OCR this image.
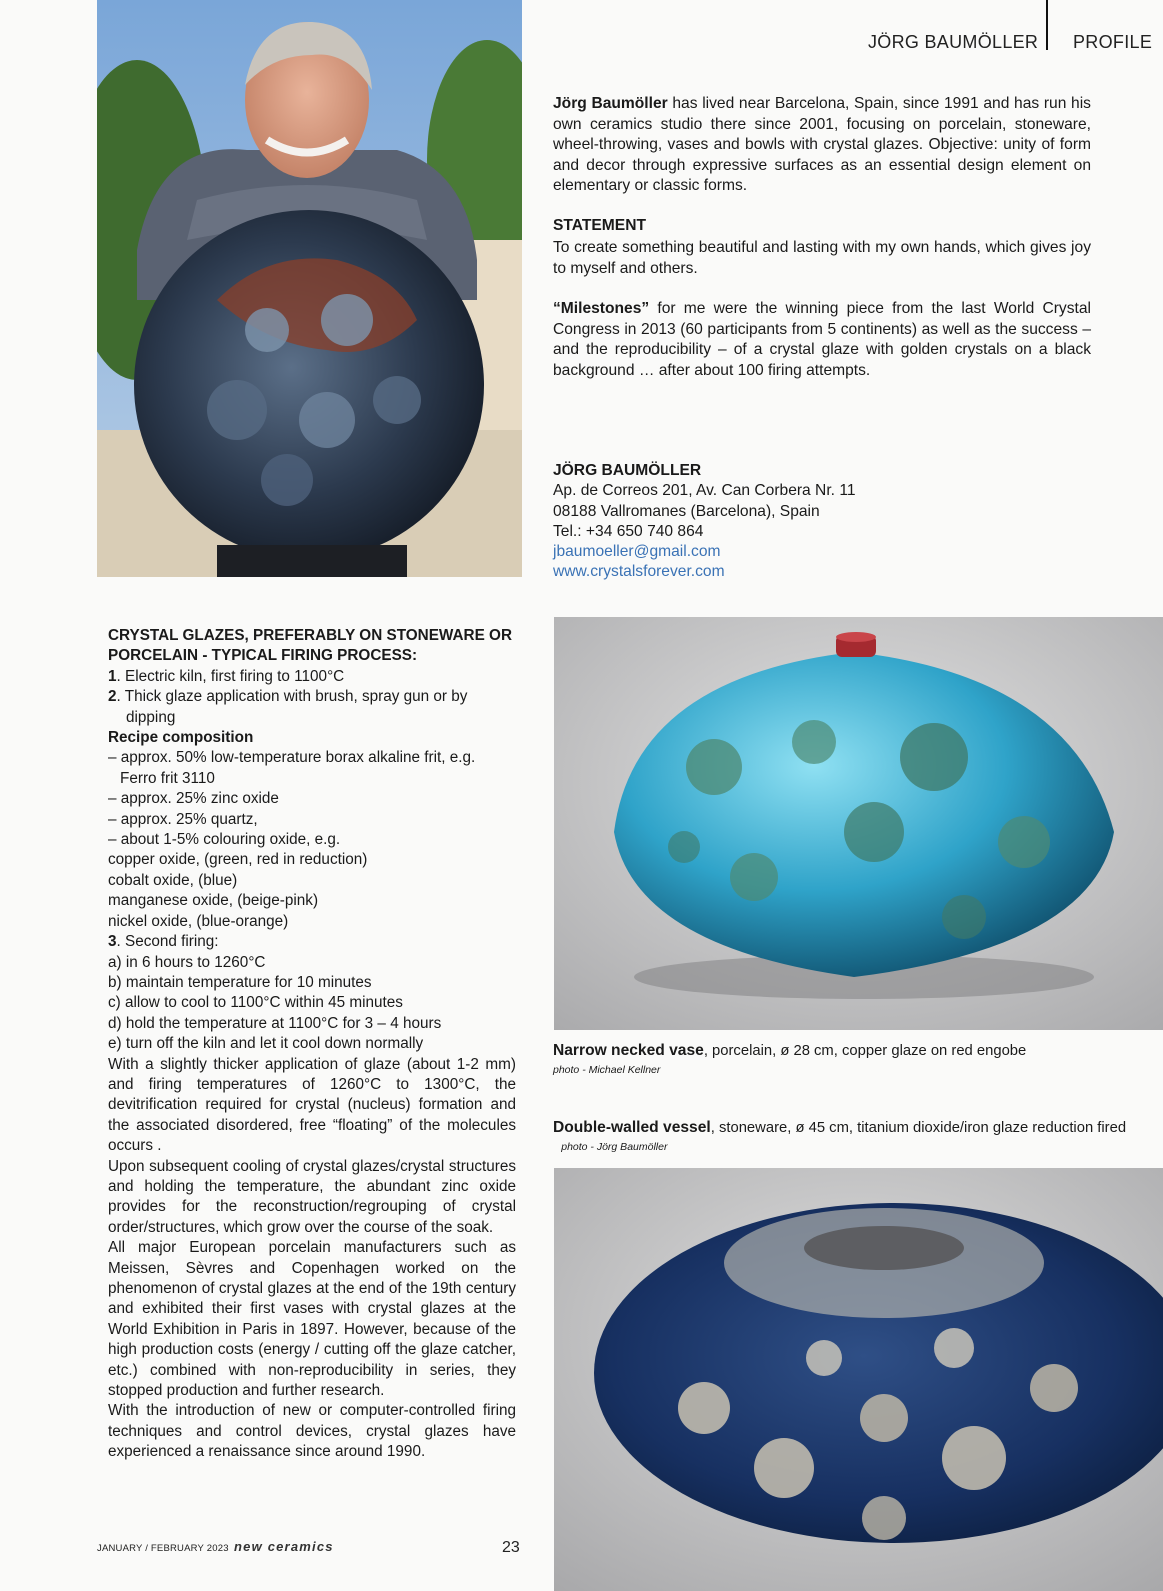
JÖRG BAUMÖLLER PROFILE
Jörg Baumöller has lived near Barcelona, Spain, since 1991 and has run his own ceramics studio there since 2001, focusing on porcelain, stoneware, wheel-throwing, vases and bowls with crystal glazes. Objective: unity of form and decor through expressive surfaces as an essential design element on elementary or classic forms.
STATEMENT
To create something beautiful and lasting with my own hands, which gives joy to myself and others.
“Milestones” for me were the winning piece from the last World Crystal Congress in 2013 (60 participants from 5 continents) as well as the success – and the reproducibility – of a crystal glaze with golden crystals on a black background … after about 100 firing attempts.
JÖRG BAUMÖLLER
Ap. de Correos 201, Av. Can Corbera Nr. 11
08188 Vallromanes (Barcelona), Spain
Tel.: +34 650 740 864
jbaumoeller@gmail.com
www.crystalsforever.com

CRYSTAL GLAZES, PREFERABLY ON STONEWARE OR PORCELAIN - TYPICAL FIRING PROCESS:

1. Electric kiln, first firing to 1100°C

2. Thick glaze application with brush, spray gun or by dipping

Recipe composition

– approx. 50% low-temperature borax alkaline frit, e.g. Ferro frit 3110

– approx. 25% zinc oxide

– approx. 25% quartz,

– about 1-5% colouring oxide, e.g.

copper oxide, (green, red in reduction)

cobalt oxide, (blue)

manganese oxide, (beige-pink)

nickel oxide, (blue-orange)

3. Second firing:

a) in 6 hours to 1260°C

b) maintain temperature for 10 minutes

c) allow to cool to 1100°C within 45 minutes

d) hold the temperature at 1100°C for 3 – 4 hours

e) turn off the kiln and let it cool down normally

With a slightly thicker application of glaze (about 1-2 mm) and firing temperatures of 1260°C to 1300°C, the devitrification required for crystal (nucleus) formation and the associated disordered, free “floating” of the molecules occurs .

Upon subsequent cooling of crystal glazes/crystal structures and holding the temperature, the abundant zinc oxide provides for the reconstruction/regrouping of crystal order/structures, which grow over the course of the soak.

All major European porcelain manufacturers such as Meissen, Sèvres and Copenhagen worked on the phenomenon of crystal glazes at the end of the 19th century and exhibited their first vases with crystal glazes at the World Exhibition in Paris in 1897. However, because of the high production costs (energy / cutting off the glaze catcher, etc.) combined with non-reproducibility in series, they stopped production and further research.

With the introduction of new or computer-controlled firing techniques and control devices, crystal glazes have experienced a renaissance since around 1990.

Narrow necked vase, porcelain, ø 28 cm, copper glaze on red engobe
photo - Michael Kellner
Double-walled vessel, stoneware, ø 45 cm, titanium dioxide/iron glaze reduction fired   photo - Jörg Baumöller
JANUARY / FEBRUARY 2023 new ceramics	23
